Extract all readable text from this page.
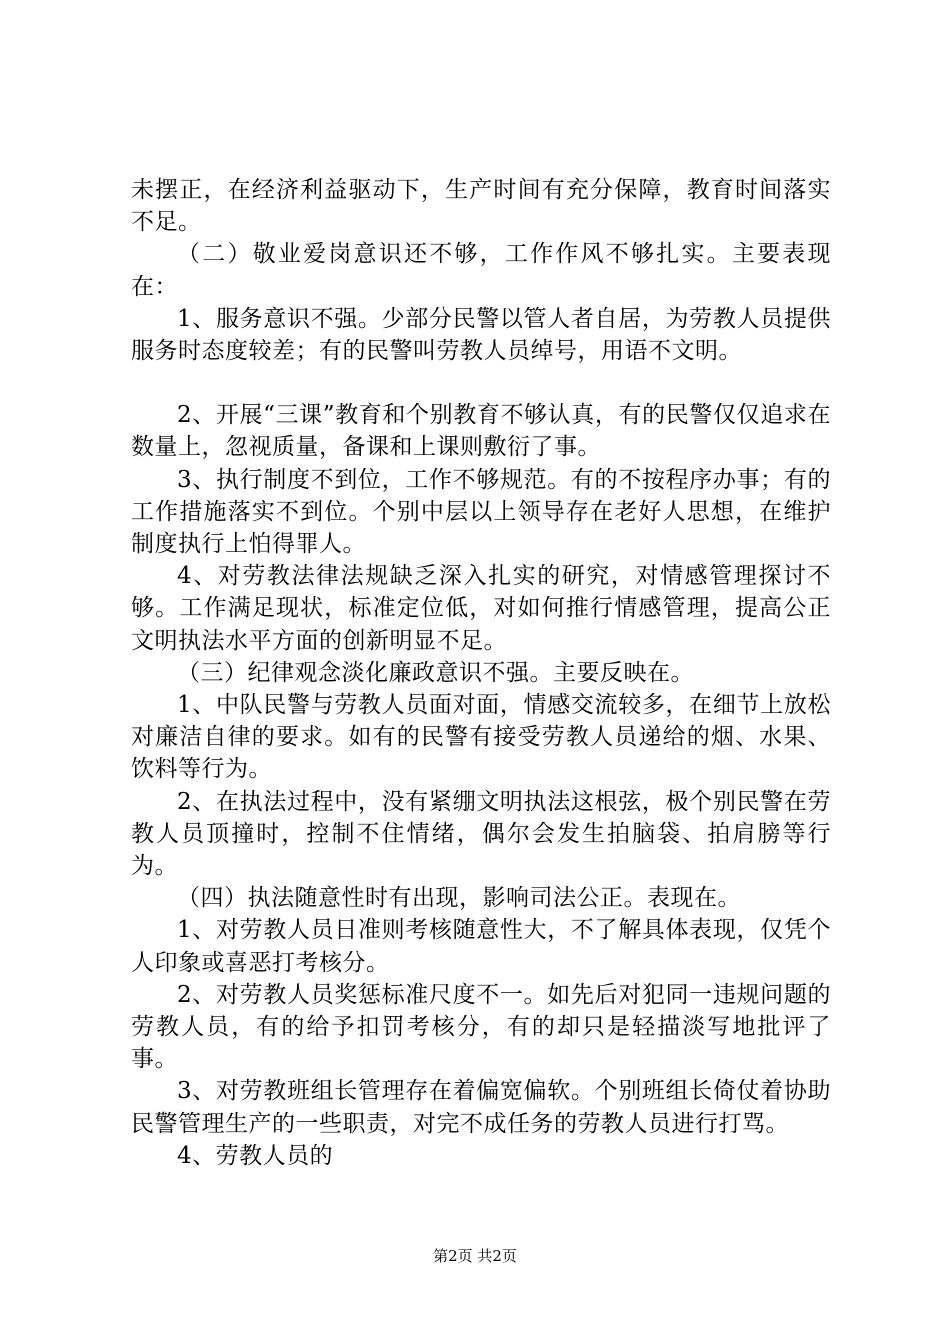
未摆正，在经济利益驱动下，生产时间有充分保障，教育时间落实不足。

（二）敬业爱岗意识还不够，工作作风不够扎实。主要表现在：

1、服务意识不强。少部分民警以管人者自居，为劳教人员提供服务时态度较差；有的民警叫劳教人员绰号，用语不文明。

2、开展“三课”教育和个别教育不够认真，有的民警仅仅追求在数量上，忽视质量，备课和上课则敷衍了事。

3、执行制度不到位，工作不够规范。有的不按程序办事；有的工作措施落实不到位。个别中层以上领导存在老好人思想，在维护制度执行上怕得罪人。

4、对劳教法律法规缺乏深入扎实的研究，对情感管理探讨不够。工作满足现状，标准定位低，对如何推行情感管理，提高公正文明执法水平方面的创新明显不足。

（三）纪律观念淡化廉政意识不强。主要反映在。

1、中队民警与劳教人员面对面，情感交流较多，在细节上放松对廉洁自律的要求。如有的民警有接受劳教人员递给的烟、水果、饮料等行为。

2、在执法过程中，没有紧绷文明执法这根弦，极个别民警在劳教人员顶撞时，控制不住情绪，偶尔会发生拍脑袋、拍肩膀等行为。

（四）执法随意性时有出现，影响司法公正。表现在。

1、对劳教人员日准则考核随意性大，不了解具体表现，仅凭个人印象或喜恶打考核分。

2、对劳教人员奖惩标准尺度不一。如先后对犯同一违规问题的劳教人员，有的给予扣罚考核分，有的却只是轻描淡写地批评了事。

3、对劳教班组长管理存在着偏宽偏软。个别班组长倚仗着协助民警管理生产的一些职责，对完不成任务的劳教人员进行打骂。

4、劳教人员的

第2页 共2页
